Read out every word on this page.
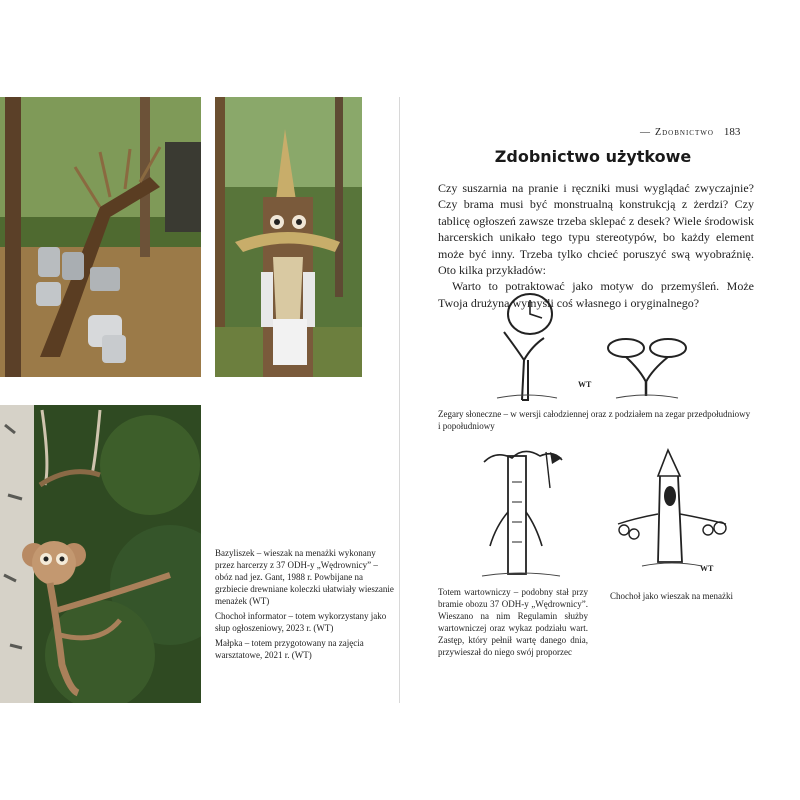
Bazyliszek – wieszak na menażki wykonany przez harcerzy z 37 ODH-y „Wędrownicy” – obóz nad jez. Gant, 1988 r. Powbijane na grzbiecie drewniane koleczki ułatwiały wieszanie menażek (WT)

Chochoł informator – totem wykorzystany jako słup ogłoszeniowy, 2023 r. (WT)

Małpka – totem przygotowany na zajęcia warsztatowe, 2021 r. (WT)

— Zdobnictwo 183
Zdobnictwo użytkowe

Czy suszarnia na pranie i ręczniki musi wyglądać zwyczajnie? Czy brama musi być monstrualną konstrukcją z żerdzi? Czy tablicę ogłoszeń zawsze trzeba sklepać z desek? Wiele środowisk harcerskich unikało tego typu stereotypów, bo każdy element może być inny. Trzeba tylko chcieć poruszyć swą wyobraźnię. Oto kilka przykładów:

Warto to potraktować jako motyw do przemyśleń. Może Twoja drużyna wymyśli coś własnego i oryginalnego?

WT
Zegary słoneczne – w wersji całodziennej oraz z podziałem na zegar przedpołudniowy i popołudniowy
WT
Totem wartowniczy – podobny stał przy bramie obozu 37 ODH-y „Wędrownicy”. Wieszano na nim Regulamin służby wartowniczej oraz wykaz podziału wart. Zastęp, który pełnił wartę danego dnia, przywieszał do niego swój proporzec
Chochoł jako wieszak na menażki
